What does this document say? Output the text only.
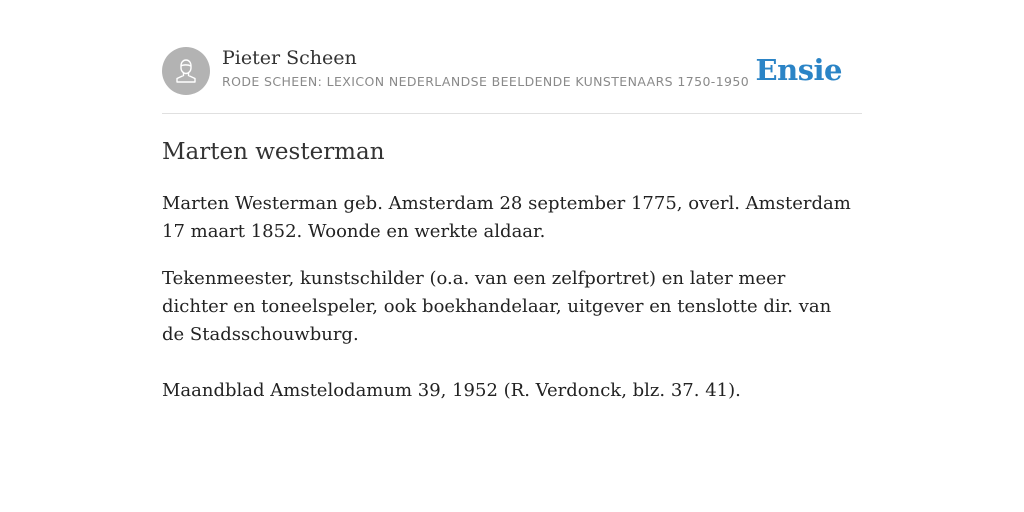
Pieter Scheen
RODE SCHEEN: LEXICON NEDERLANDSE BEELDENDE KUNSTENAARS 1750-1950 Ensie
Marten westerman

Marten Westerman geb. Amsterdam 28 september 1775, overl. Amsterdam 17 maart 1852. Woonde en werkte aldaar.

Tekenmeester, kunstschilder (o.a. van een zelfportret) en later meer dichter en toneelspeler, ook boekhandelaar, uitgever en tenslotte dir. van de Stadsschouwburg.

Maandblad Amstelodamum 39, 1952 (R. Verdonck, blz. 37. 41).
